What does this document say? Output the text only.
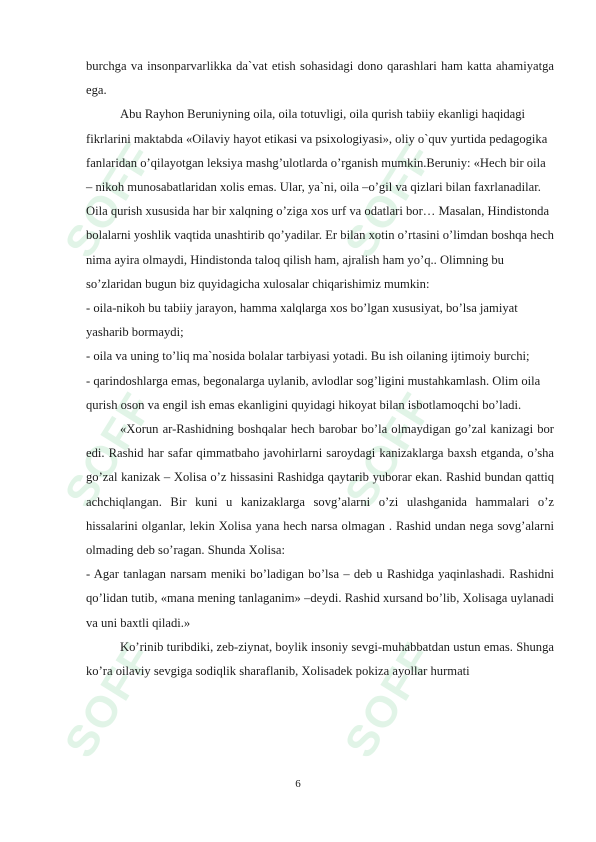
SOFF	SOFF
SOFF	SOFF
SOFF	SOFF

burchga va insonparvarlikka da`vat etish sohasidagi dono qarashlari ham katta ahamiyatga ega.

Abu Rayhon Beruniyning oila, oila totuvligi, oila qurish tabiiy ekanligi haqidagi fikrlarini maktabda «Oilaviy hayot etikasi va psixologiyasi», oliy o`quv yurtida pedagogika fanlaridan o’qilayotgan leksiya mashg’ulotlarda o’rganish mumkin.Beruniy: «Hech bir oila – nikoh munosabatlaridan xolis emas. Ular, ya`ni, oila –o’gil va qizlari bilan faxrlanadilar. Oila qurish xususida har bir xalqning o’ziga xos urf va odatlari bor… Masalan, Hindistonda bolalarni yoshlik vaqtida unashtirib qo’yadilar. Er bilan xotin o’rtasini o’limdan boshqa hech nima ayira olmaydi, Hindistonda taloq qilish ham, ajralish ham yo’q.. Olimning bu so’zlaridan bugun biz quyidagicha xulosalar chiqarishimiz mumkin:

- oila-nikoh bu tabiiy jarayon, hamma xalqlarga xos bo’lgan xususiyat, bo’lsa jamiyat yasharib bormaydi;

- oila va uning to’liq ma`nosida bolalar tarbiyasi yotadi. Bu ish oilaning ijtimoiy burchi;

- qarindoshlarga emas, begonalarga uylanib, avlodlar sog’ligini mustahkamlash. Olim oila qurish oson va engil ish emas ekanligini quyidagi hikoyat bilan isbotlamoqchi bo’ladi.

«Xorun ar-Rashidning boshqalar hech barobar bo’la olmaydigan go’zal kanizagi bor edi. Rashid har safar qimmatbaho javohirlarni saroydagi kanizaklarga baxsh etganda, o’sha go’zal kanizak – Xolisa o’z hissasini Rashidga qaytarib yuborar ekan. Rashid bundan qattiq achchiqlangan. Bir kuni u kanizaklarga sovg’alarni o’zi ulashganida hammalari o’z hissalarini olganlar, lekin Xolisa yana hech narsa olmagan . Rashid undan nega sovg’alarni olmading deb so’ragan. Shunda Xolisa:

- Agar tanlagan narsam meniki bo’ladigan bo’lsa – deb u Rashidga yaqinlashadi. Rashidni qo’lidan tutib, «mana mening tanlaganim» –deydi. Rashid xursand bo’lib, Xolisaga uylanadi va uni baxtli qiladi.»

Ko’rinib turibdiki, zeb-ziynat, boylik insoniy sevgi-muhabbatdan ustun emas. Shunga ko’ra oilaviy sevgiga sodiqlik sharaflanib, Xolisadek pokiza ayollar hurmati

6
